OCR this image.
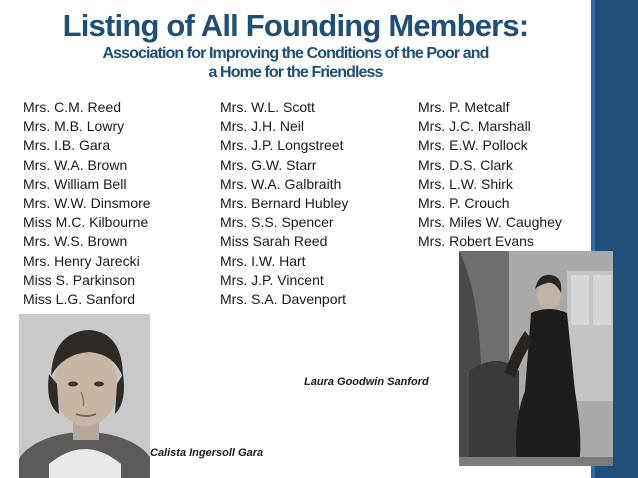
Listing of All Founding Members:
Association for Improving the Conditions of the Poor and
a Home for the Friendless
Mrs. C.M. Reed
Mrs. M.B. Lowry
Mrs. I.B. Gara
Mrs. W.A. Brown
Mrs. William Bell
Mrs. W.W. Dinsmore
Miss M.C. Kilbourne
Mrs. W.S. Brown
Mrs. Henry Jarecki
Miss S. Parkinson
Miss L.G. Sanford
Mrs. W.L. Scott
Mrs. J.H. Neil
Mrs. J.P. Longstreet
Mrs. G.W. Starr
Mrs. W.A. Galbraith
Mrs. Bernard Hubley
Mrs. S.S. Spencer
Miss Sarah Reed
Mrs. I.W. Hart
Mrs. J.P. Vincent
Mrs. S.A. Davenport
Mrs. P. Metcalf
Mrs. J.C. Marshall
Mrs. E.W. Pollock
Mrs. D.S. Clark
Mrs. L.W. Shirk
Mrs. P. Crouch
Mrs. Miles W. Caughey
Mrs. Robert Evans
Laura Goodwin Sanford
Calista Ingersoll Gara
